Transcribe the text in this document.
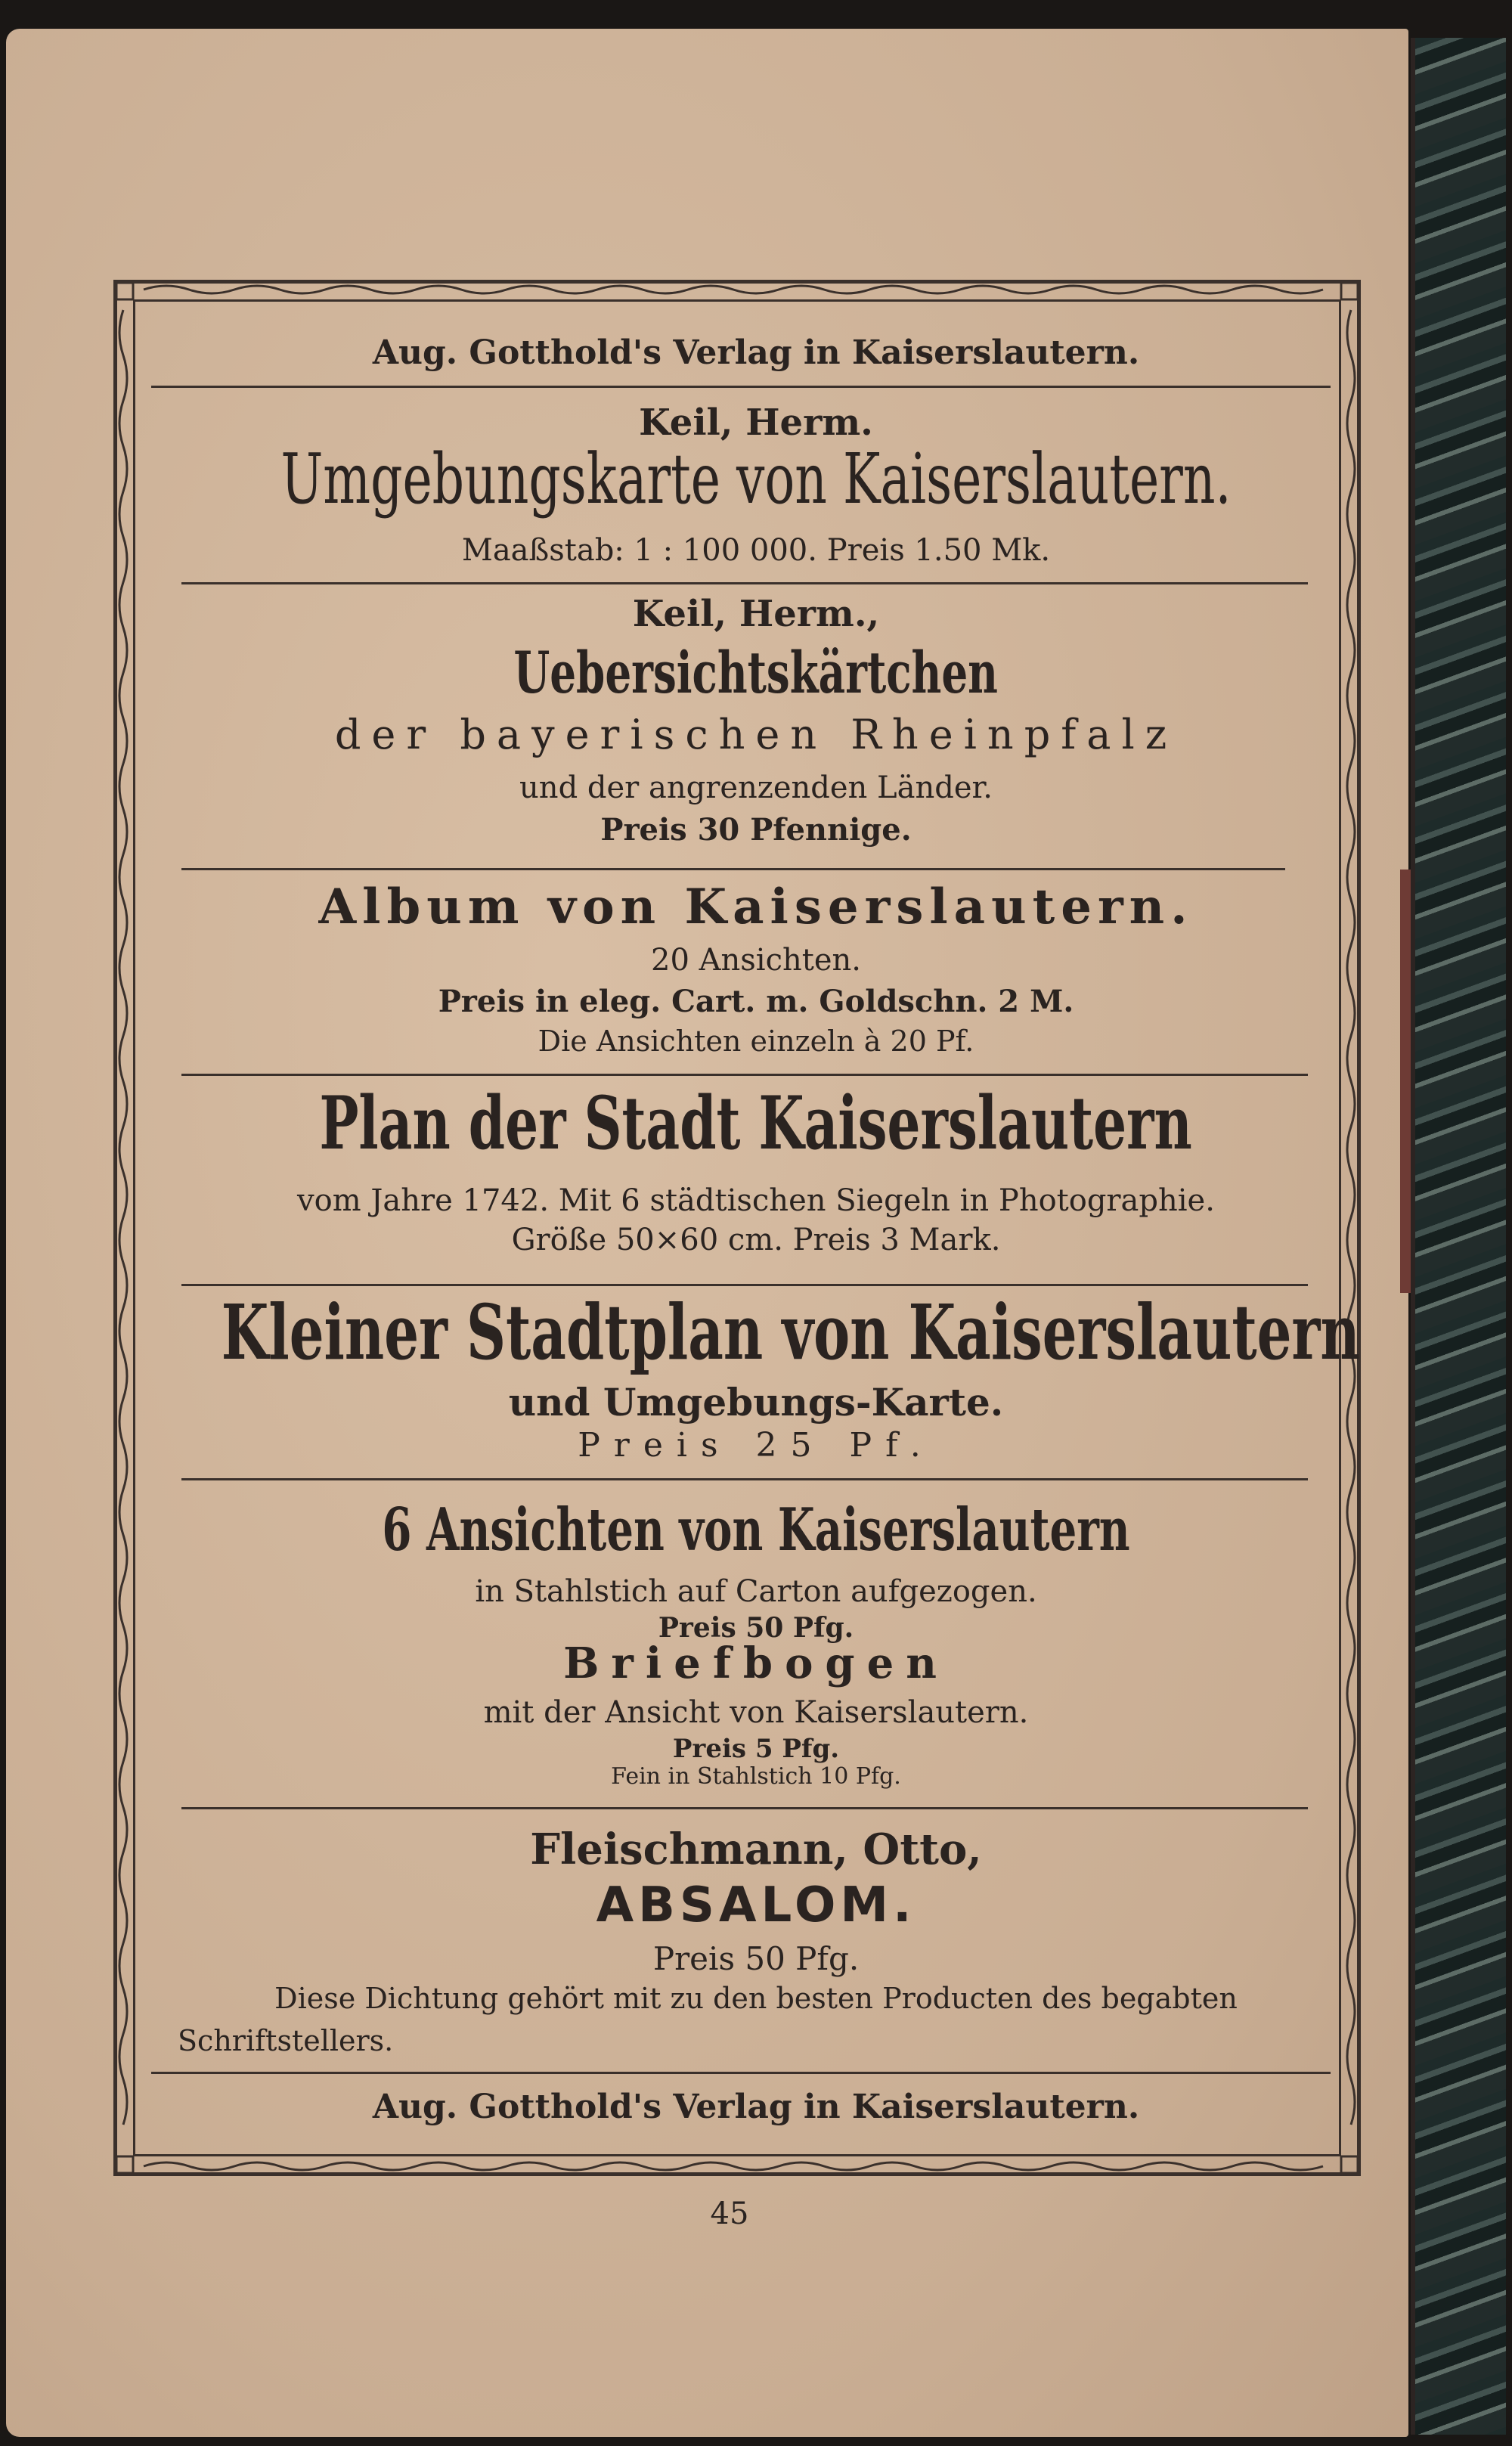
Aug. Gotthold's Verlag in Kaiserslautern.
Keil, Herm.
Umgebungskarte von Kaiserslautern.
Maaßstab: 1 : 100 000. Preis 1.50 Mk.
Keil, Herm.,
Uebersichtskärtchen
der bayerischen Rheinpfalz
und der angrenzenden Länder.
Preis 30 Pfennige.
Album von Kaiserslautern.
20 Ansichten.
Preis in eleg. Cart. m. Goldschn. 2 M.
Die Ansichten einzeln à 20 Pf.
Plan der Stadt Kaiserslautern
vom Jahre 1742. Mit 6 städtischen Siegeln in Photographie.
Größe 50×60 cm. Preis 3 Mark.
Kleiner Stadtplan von Kaiserslautern
und Umgebungs-Karte.
Preis 25 Pf.
6 Ansichten von Kaiserslautern
in Stahlstich auf Carton aufgezogen.
Preis 50 Pfg.
Briefbogen
mit der Ansicht von Kaiserslautern.
Preis 5 Pfg.
Fein in Stahlstich 10 Pfg.
Fleischmann, Otto,
ABSALOM.
Preis 50 Pfg.
Diese Dichtung gehört mit zu den besten Producten des begabten
Schriftstellers.
Aug. Gotthold's Verlag in Kaiserslautern.
45
